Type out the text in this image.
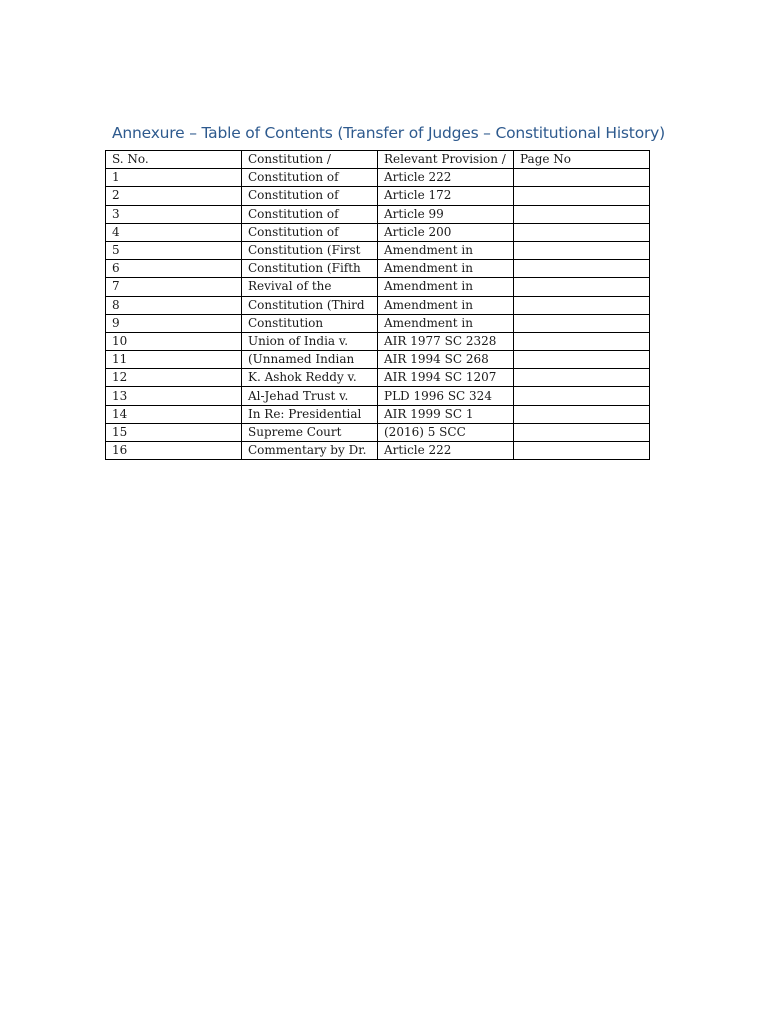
Annexure – Table of Contents (Transfer of Judges – Constitutional History)
S. No.	Constitution /	Relevant Provision /	Page No
1	Constitution of	Article 222	
2	Constitution of	Article 172	
3	Constitution of	Article 99	
4	Constitution of	Article 200	
5	Constitution (First	Amendment in	
6	Constitution (Fifth	Amendment in	
7	Revival of the	Amendment in	
8	Constitution (Third	Amendment in	
9	Constitution	Amendment in	
10	Union of India v.	AIR 1977 SC 2328	
11	(Unnamed Indian	AIR 1994 SC 268	
12	K. Ashok Reddy v.	AIR 1994 SC 1207	
13	Al-Jehad Trust v.	PLD 1996 SC 324	
14	In Re: Presidential	AIR 1999 SC 1	
15	Supreme Court	(2016) 5 SCC	
16	Commentary by Dr.	Article 222	
